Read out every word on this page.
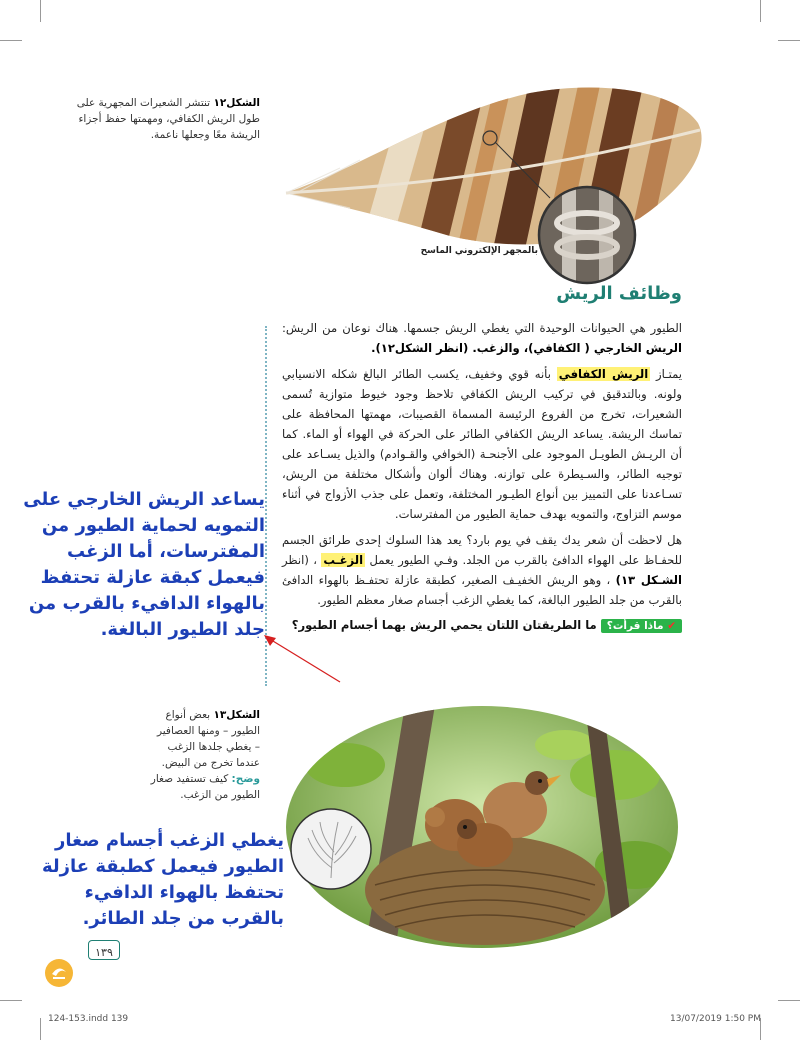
الشكل١٢ تنتشر الشعيرات المجهرية على طول الريش الكفافي، ومهمتها حفظ أجزاء الريشة معًا وجعلها ناعمة.
بالمجهر الإلكتروني الماسح
وظائف الريش

الطيور هي الحيوانات الوحيدة التي يغطي الريش جسمها. هناك نوعان من الريش: الريش الخارجي ( الكفافي)، والزغب. (انظر الشكل١٢).

يمتـاز الريش الكفافي بأنه قوي وخفيف، يكسب الطائر البالغ شكله الانسيابي ولونه. وبالتدقيق في تركيب الريش الكفافي تلاحظ وجود خيوط متوازية تُسمى الشعيرات، تخرج من الفروع الرئيسة المسماة القصيبات، مهمتها المحافظة على تماسك الريشة. يساعد الريش الكفافي الطائر على الحركة في الهواء أو الماء. كما أن الريـش الطويـل الموجود على الأجنحـة (الخوافي والقـوادم) والذيل يسـاعد على توجيه الطائر، والسـيطرة على توازنه. وهناك ألوان وأشكال مختلفة من الريش، تسـاعدنا على التمييز بين أنواع الطيـور المختلفة، وتعمل على جذب الأزواج في أثناء موسم التزاوج، والتمويه بهدف حماية الطيور من المفترسات.

هل لاحظت أن شعر يدك يقف في يوم بارد؟ يعد هذا السلوك إحدى طرائق الجسم للحفـاظ على الهواء الدافئ بالقرب من الجلد. وفـي الطيور يعمل الزغـب ، (انظر الشـكل ١٣) ، وهو الريش الخفيـف الصغير، كطبقة عازلة تحتفـظ بالهواء الدافئ بالقرب من جلد الطيور البالغة، كما يغطي الزغب أجسام صغار معظم الطيور.

✔ ماذا قرأت؟ ما الطريقتان اللتان يحمي الريش بهما أجسام الطيور؟
يساعد الريش الخارجي على التمويه لحماية الطيور من المفترسات، أما الزغب فيعمل كبقة عازلة تحتفظ بالهواء الدافيء بالقرب من جلد الطيور البالغة.
الشكل١٣ بعض أنواع الطيور – ومنها العصافير – يغطي جلدها الزغب عندما تخرج من البيض.
وضح: كيف تستفيد صغار الطيور من الزغب.
يغطي الزغب أجسام صغار الطيور فيعمل كطبقة عازلة تحتفظ بالهواء الدافيء بالقرب من جلد الطائر.
١٣٩
124-153.indd 139	13/07/2019 1:50 PM
